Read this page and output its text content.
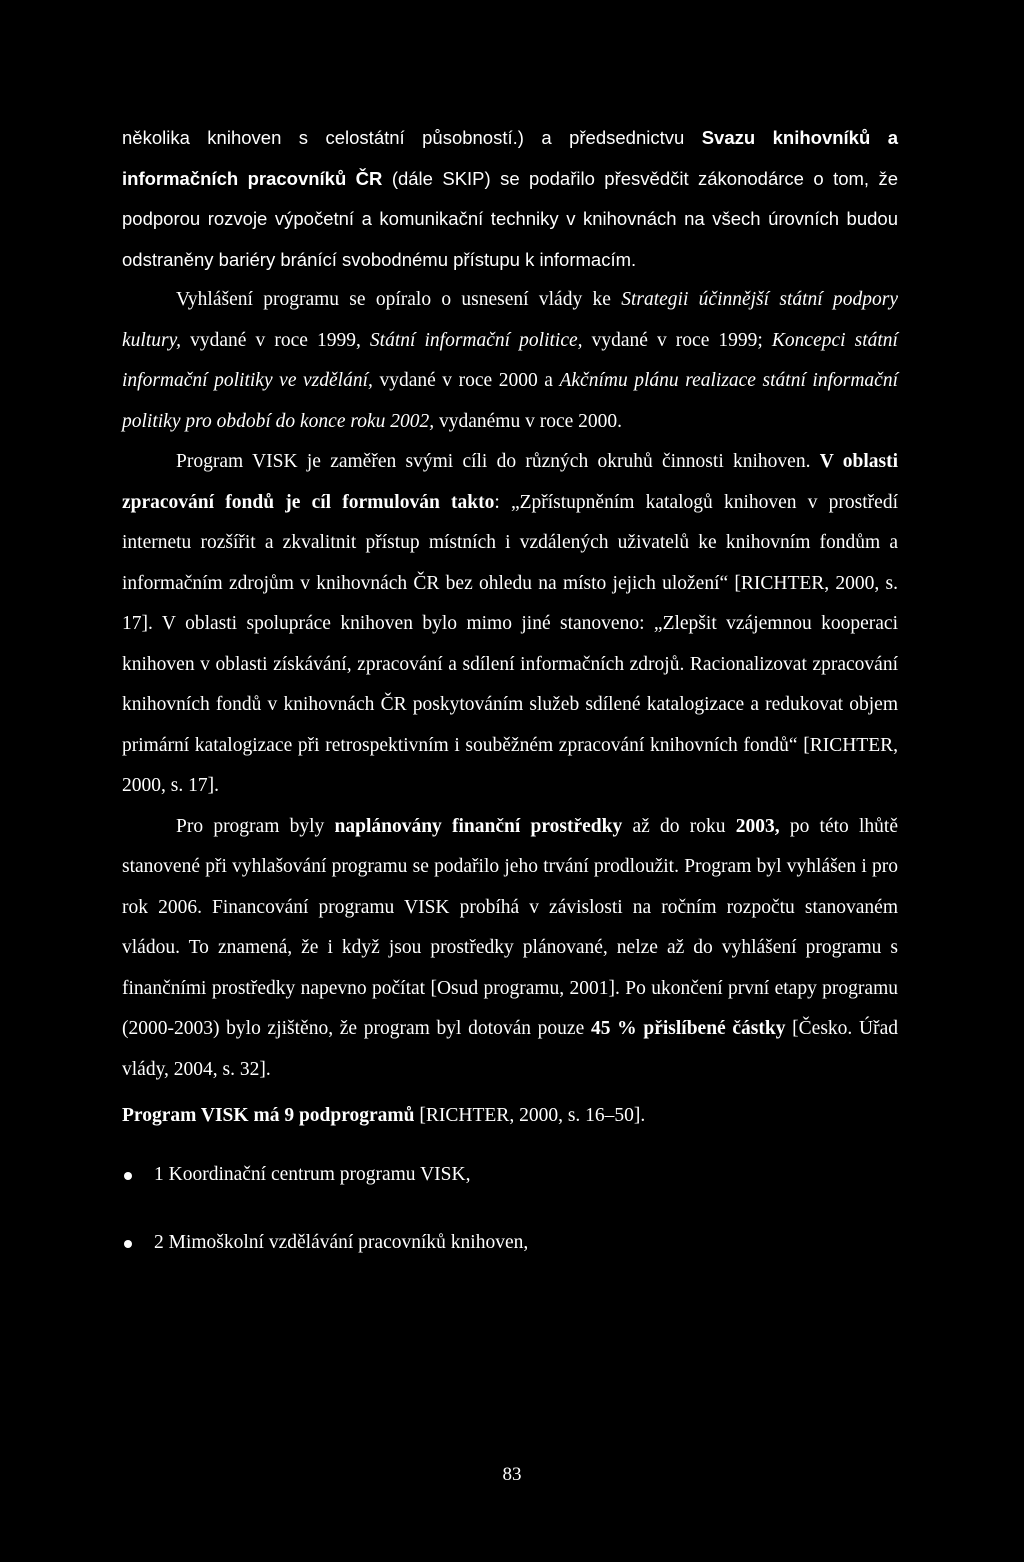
několika knihoven s celostátní působností.) a předsednictvu Svazu knihovníků a informačních pracovníků ČR (dále SKIP) se podařilo přesvědčit zákonodárce o tom, že podporou rozvoje výpočetní a komunikační techniky v knihovnách na všech úrovních budou odstraněny bariéry bránící svobodnému přístupu k informacím.

Vyhlášení programu se opíralo o usnesení vlády ke Strategii účinnější státní podpory kultury, vydané v roce 1999, Státní informační politice, vydané v roce 1999; Koncepci státní informační politiky ve vzdělání, vydané v roce 2000 a Akčnímu plánu realizace státní informační politiky pro období do konce roku 2002, vydanému v roce 2000.

Program VISK je zaměřen svými cíli do různých okruhů činnosti knihoven. V oblasti zpracování fondů je cíl formulován takto: „Zpřístupněním katalogů knihoven v prostředí internetu rozšířit a zkvalitnit přístup místních i vzdálených uživatelů ke knihovním fondům a informačním zdrojům v knihovnách ČR bez ohledu na místo jejich uložení“ [RICHTER, 2000, s. 17]. V oblasti spolupráce knihoven bylo mimo jiné stanoveno: „Zlepšit vzájemnou kooperaci knihoven v oblasti získávání, zpracování a sdílení informačních zdrojů. Racionalizovat zpracování knihovních fondů v knihovnách ČR poskytováním služeb sdílené katalogizace a redukovat objem primární katalogizace při retrospektivním i souběžném zpracování knihovních fondů“ [RICHTER, 2000, s. 17].

Pro program byly naplánovány finanční prostředky až do roku 2003, po této lhůtě stanovené při vyhlašování programu se podařilo jeho trvání prodloužit. Program byl vyhlášen i pro rok 2006. Financování programu VISK probíhá v závislosti na ročním rozpočtu stanovaném vládou. To znamená, že i když jsou prostředky plánované, nelze až do vyhlášení programu s finančními prostředky napevno počítat [Osud programu, 2001]. Po ukončení první etapy programu (2000-2003) bylo zjištěno, že program byl dotován pouze 45 % přislíbené částky [Česko. Úřad vlády, 2004, s. 32].

Program VISK má 9 podprogramů [RICHTER, 2000, s. 16–50].

1 Koordinační centrum programu VISK,
2 Mimoškolní vzdělávání pracovníků knihoven,
83
